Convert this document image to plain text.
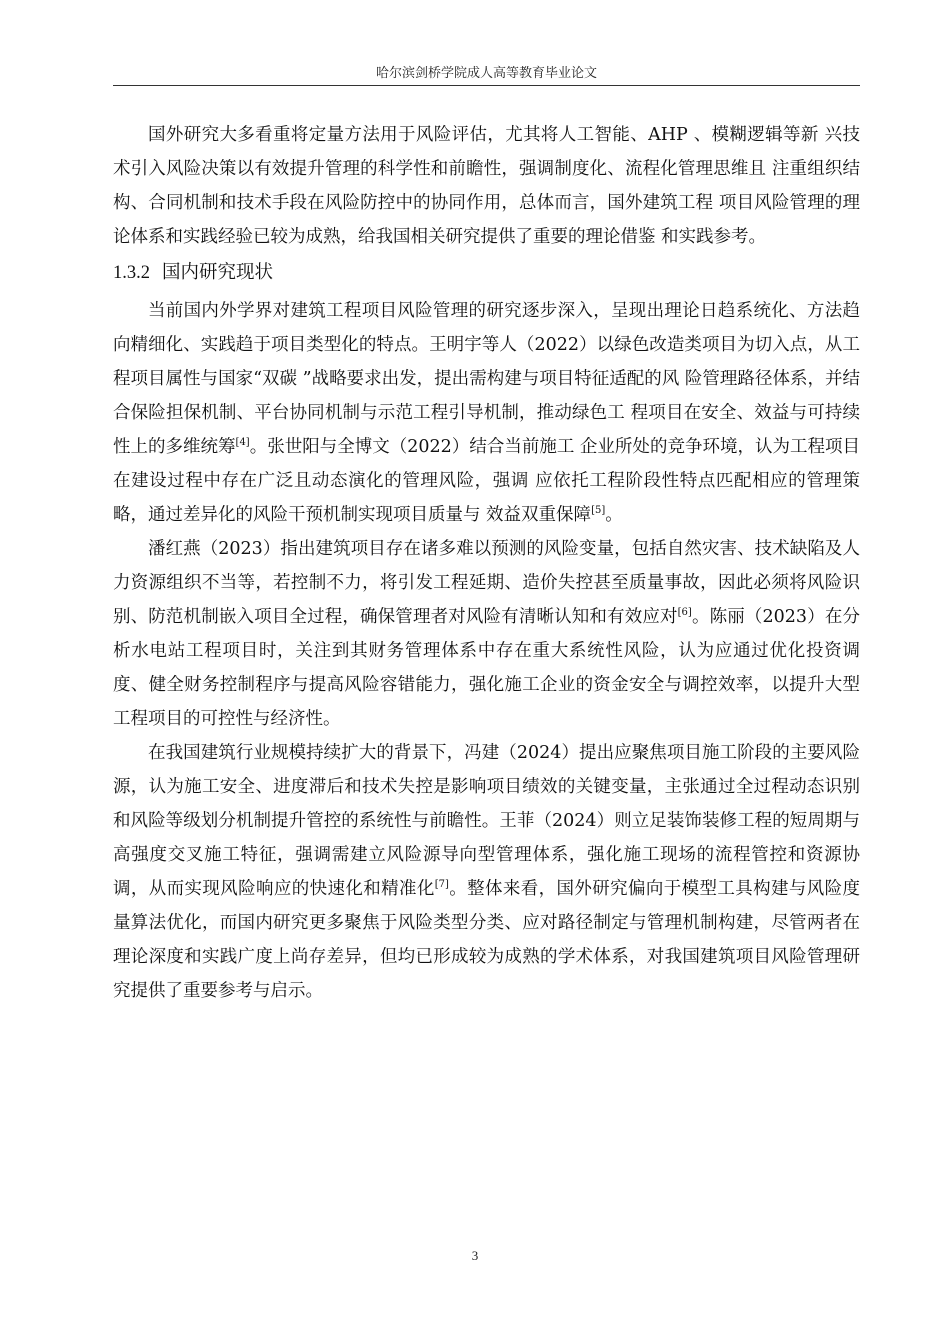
哈尔滨剑桥学院成人高等教育毕业论文

国外研究大多看重将定量方法用于风险评估，尤其将人工智能、AHP 、模糊逻辑等新 兴技术引入风险决策以有效提升管理的科学性和前瞻性，强调制度化、流程化管理思维且 注重组织结构、合同机制和技术手段在风险防控中的协同作用，总体而言，国外建筑工程 项目风险管理的理论体系和实践经验已较为成熟，给我国相关研究提供了重要的理论借鉴 和实践参考。

1.3.2 国内研究现状

当前国内外学界对建筑工程项目风险管理的研究逐步深入，呈现出理论日趋系统化、方法趋向精细化、实践趋于项目类型化的特点。王明宇等人（2022）以绿色改造类项目为切入点，从工程项目属性与国家“双碳 ”战略要求出发，提出需构建与项目特征适配的风 险管理路径体系，并结合保险担保机制、平台协同机制与示范工程引导机制，推动绿色工 程项目在安全、效益与可持续性上的多维统筹[4]。张世阳与全博文（2022）结合当前施工 企业所处的竞争环境，认为工程项目在建设过程中存在广泛且动态演化的管理风险，强调 应依托工程阶段性特点匹配相应的管理策略，通过差异化的风险干预机制实现项目质量与 效益双重保障[5]。

潘红燕（2023）指出建筑项目存在诸多难以预测的风险变量，包括自然灾害、技术缺陷及人力资源组织不当等，若控制不力，将引发工程延期、造价失控甚至质量事故，因此必须将风险识别、防范机制嵌入项目全过程，确保管理者对风险有清晰认知和有效应对[6]。陈丽（2023）在分析水电站工程项目时，关注到其财务管理体系中存在重大系统性风险，认为应通过优化投资调度、健全财务控制程序与提高风险容错能力，强化施工企业的资金安全与调控效率，以提升大型工程项目的可控性与经济性。

在我国建筑行业规模持续扩大的背景下，冯建（2024）提出应聚焦项目施工阶段的主要风险源，认为施工安全、进度滞后和技术失控是影响项目绩效的关键变量，主张通过全过程动态识别和风险等级划分机制提升管控的系统性与前瞻性。王菲（2024）则立足装饰装修工程的短周期与高强度交叉施工特征，强调需建立风险源导向型管理体系，强化施工现场的流程管控和资源协调，从而实现风险响应的快速化和精准化[7]。整体来看，国外研究偏向于模型工具构建与风险度量算法优化，而国内研究更多聚焦于风险类型分类、应对路径制定与管理机制构建，尽管两者在理论深度和实践广度上尚存差异，但均已形成较为成熟的学术体系，对我国建筑项目风险管理研究提供了重要参考与启示。

3
